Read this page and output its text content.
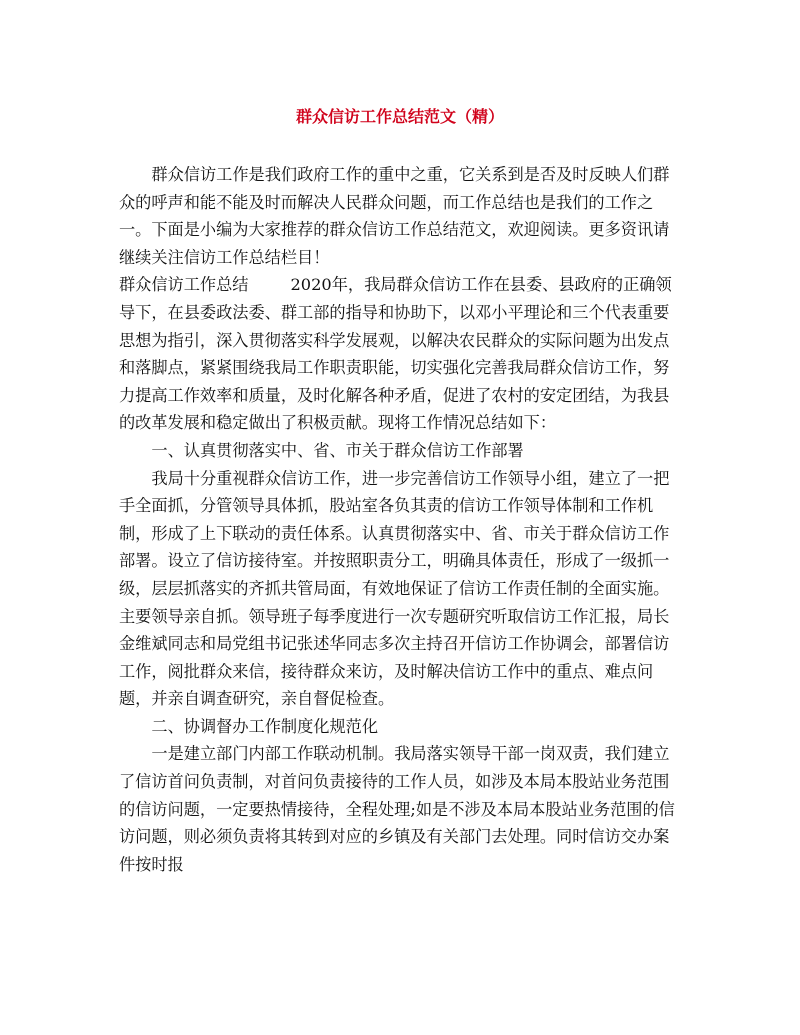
群众信访工作总结范文（精）

群众信访工作是我们政府工作的重中之重，它关系到是否及时反映人们群众的呼声和能不能及时而解决人民群众问题，而工作总结也是我们的工作之一。下面是小编为大家推荐的群众信访工作总结范文，欢迎阅读。更多资讯请继续关注信访工作总结栏目！

群众信访工作总结	2020年，我局群众信访工作在县委、县政府的正确领导下，在县委政法委、群工部的指导和协助下，以邓小平理论和三个代表重要思想为指引，深入贯彻落实科学发展观，以解决农民群众的实际问题为出发点和落脚点，紧紧围绕我局工作职责职能，切实强化完善我局群众信访工作，努力提高工作效率和质量，及时化解各种矛盾，促进了农村的安定团结，为我县的改革发展和稳定做出了积极贡献。现将工作情况总结如下：

一、认真贯彻落实中、省、市关于群众信访工作部署

我局十分重视群众信访工作，进一步完善信访工作领导小组，建立了一把手全面抓，分管领导具体抓，股站室各负其责的信访工作领导体制和工作机制，形成了上下联动的责任体系。认真贯彻落实中、省、市关于群众信访工作部署。设立了信访接待室。并按照职责分工，明确具体责任，形成了一级抓一级，层层抓落实的齐抓共管局面，有效地保证了信访工作责任制的全面实施。主要领导亲自抓。领导班子每季度进行一次专题研究听取信访工作汇报，局长金维斌同志和局党组书记张述华同志多次主持召开信访工作协调会，部署信访工作，阅批群众来信，接待群众来访，及时解决信访工作中的重点、难点问题，并亲自调查研究，亲自督促检查。

二、协调督办工作制度化规范化

一是建立部门内部工作联动机制。我局落实领导干部一岗双责，我们建立了信访首问负责制，对首问负责接待的工作人员，如涉及本局本股站业务范围的信访问题，一定要热情接待，全程处理;如是不涉及本局本股站业务范围的信访问题，则必须负责将其转到对应的乡镇及有关部门去处理。同时信访交办案件按时报
